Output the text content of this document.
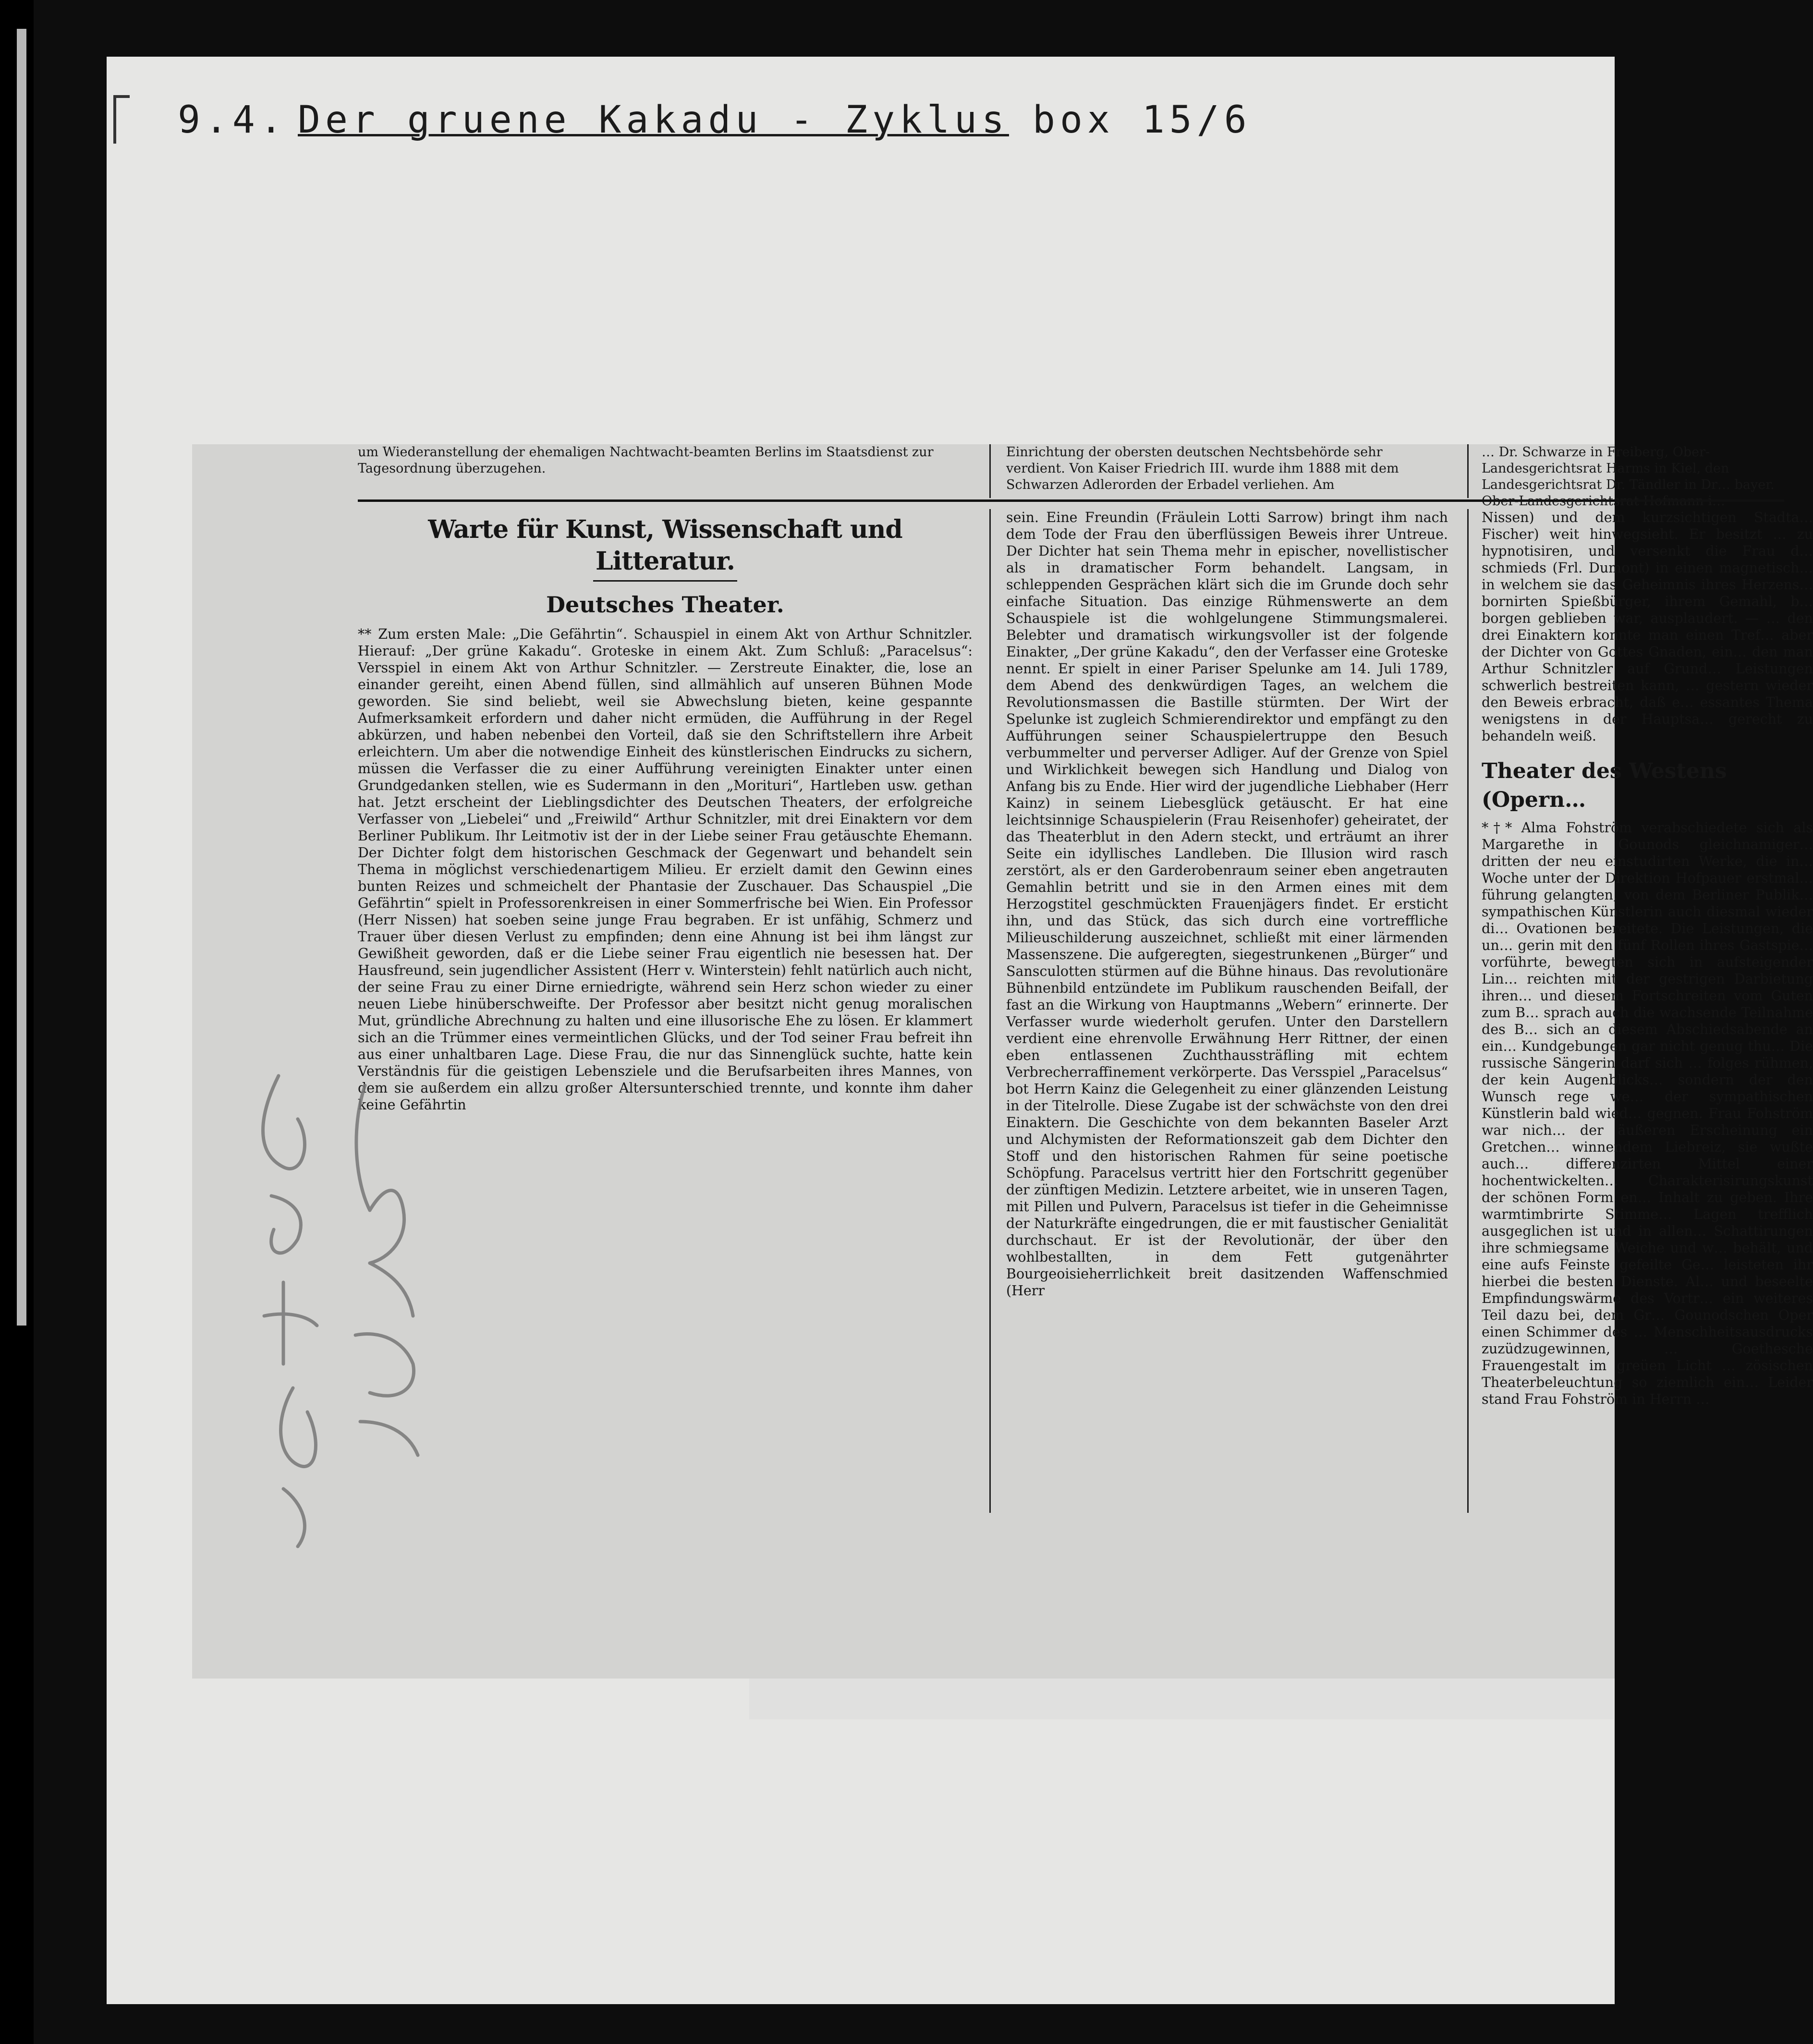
9.4. Der gruene Kakadu - Zyklus box 15/6
um Wiederanstellung der ehemaligen Nachtwacht-beamten Berlins im Staatsdienst zur Tagesordnung überzugehen.
Einrichtung der obersten deutschen Nechtsbehörde sehr verdient. Von Kaiser Friedrich III. wurde ihm 1888 mit dem Schwarzen Adlerorden der Erbadel verliehen. Am
… Dr. Schwarze in Freiberg, Ober-Landesgerichtsrat Harms in Kiel, den Landesgerichtsrat Dr. Tändler in Dr… bayer.
Warte für Kunst, Wissenschaft und Litteratur.
Deutsches Theater.

** Zum ersten Male: „Die Gefährtin“. Schauspiel in einem Akt von Arthur Schnitzler. Hierauf: „Der grüne Kakadu“. Groteske in einem Akt. Zum Schluß: „Paracelsus“: Versspiel in einem Akt von Arthur Schnitzler. — Zerstreute Einakter, die, lose an einander gereiht, einen Abend füllen, sind allmählich auf unseren Bühnen Mode geworden. Sie sind beliebt, weil sie Abwechslung bieten, keine gespannte Aufmerksamkeit erfordern und daher nicht ermüden, die Aufführung in der Regel abkürzen, und haben nebenbei den Vorteil, daß sie den Schriftstellern ihre Arbeit erleichtern. Um aber die notwendige Einheit des künstlerischen Eindrucks zu sichern, müssen die Verfasser die zu einer Aufführung vereinigten Einakter unter einen Grundgedanken stellen, wie es Sudermann in den „Morituri“, Hartleben usw. gethan hat. Jetzt erscheint der Lieblingsdichter des Deutschen Theaters, der erfolgreiche Verfasser von „Liebelei“ und „Freiwild“ Arthur Schnitzler, mit drei Einaktern vor dem Berliner Publikum. Ihr Leitmotiv ist der in der Liebe seiner Frau getäuschte Ehemann. Der Dichter folgt dem historischen Geschmack der Gegenwart und behandelt sein Thema in möglichst verschiedenartigem Milieu. Er erzielt damit den Gewinn eines bunten Reizes und schmeichelt der Phantasie der Zuschauer. Das Schauspiel „Die Gefährtin“ spielt in Professorenkreisen in einer Sommerfrische bei Wien. Ein Professor (Herr Nissen) hat soeben seine junge Frau begraben. Er ist unfähig, Schmerz und Trauer über diesen Verlust zu empfinden; denn eine Ahnung ist bei ihm längst zur Gewißheit geworden, daß er die Liebe seiner Frau eigentlich nie besessen hat. Der Hausfreund, sein jugendlicher Assistent (Herr v. Winterstein) fehlt natürlich auch nicht, der seine Frau zu einer Dirne erniedrigte, während sein Herz schon wieder zu einer neuen Liebe hinüberschweifte. Der Professor aber besitzt nicht genug moralischen Mut, gründliche Abrechnung zu halten und eine illusorische Ehe zu lösen. Er klammert sich an die Trümmer eines vermeintlichen Glücks, und der Tod seiner Frau befreit ihn aus einer unhaltbaren Lage. Diese Frau, die nur das Sinnenglück suchte, hatte kein Verständnis für die geistigen Lebensziele und die Berufsarbeiten ihres Mannes, von dem sie außerdem ein allzu großer Altersunterschied trennte, und konnte ihm daher keine Gefährtin

sein. Eine Freundin (Fräulein Lotti Sarrow) bringt ihm nach dem Tode der Frau den überflüssigen Beweis ihrer Untreue. Der Dichter hat sein Thema mehr in epischer, novellistischer als in dramatischer Form behandelt. Langsam, in schleppenden Gesprächen klärt sich die im Grunde doch sehr einfache Situation. Das einzige Rühmenswerte an dem Schauspiele ist die wohlgelungene Stimmungsmalerei. Belebter und dramatisch wirkungsvoller ist der folgende Einakter, „Der grüne Kakadu“, den der Verfasser eine Groteske nennt. Er spielt in einer Pariser Spelunke am 14. Juli 1789, dem Abend des denkwürdigen Tages, an welchem die Revolutionsmassen die Bastille stürmten. Der Wirt der Spelunke ist zugleich Schmierendirektor und empfängt zu den Aufführungen seiner Schauspielertruppe den Besuch verbummelter und perverser Adliger. Auf der Grenze von Spiel und Wirklichkeit bewegen sich Handlung und Dialog von Anfang bis zu Ende. Hier wird der jugendliche Liebhaber (Herr Kainz) in seinem Liebesglück getäuscht. Er hat eine leichtsinnige Schauspielerin (Frau Reisenhofer) geheiratet, der das Theaterblut in den Adern steckt, und erträumt an ihrer Seite ein idyllisches Landleben. Die Illusion wird rasch zerstört, als er den Garderobenraum seiner eben angetrauten Gemahlin betritt und sie in den Armen eines mit dem Herzogstitel geschmückten Frauenjägers findet. Er ersticht ihn, und das Stück, das sich durch eine vortreffliche Milieuschilderung auszeichnet, schließt mit einer lärmenden Massenszene. Die aufgeregten, siegestrunkenen „Bürger“ und Sansculotten stürmen auf die Bühne hinaus. Das revolutionäre Bühnenbild entzündete im Publikum rauschenden Beifall, der fast an die Wirkung von Hauptmanns „Webern“ erinnerte. Der Verfasser wurde wiederholt gerufen. Unter den Darstellern verdient eine ehrenvolle Erwähnung Herr Rittner, der einen eben entlassenen Zuchthaussträfling mit echtem Verbrecherraffinement verkörperte. Das Versspiel „Paracelsus“ bot Herrn Kainz die Gelegenheit zu einer glänzenden Leistung in der Titelrolle. Diese Zugabe ist der schwächste von den drei Einaktern. Die Geschichte von dem bekannten Baseler Arzt und Alchymisten der Reformationszeit gab dem Dichter den Stoff und den historischen Rahmen für seine poetische Schöpfung. Paracelsus vertritt hier den Fortschritt gegenüber der zünftigen Medizin. Letztere arbeitet, wie in unseren Tagen, mit Pillen und Pulvern, Paracelsus ist tiefer in die Geheimnisse der Naturkräfte eingedrungen, die er mit faustischer Genialität durchschaut. Er ist der Revolutionär, der über den wohlbestallten, in dem Fett gutgenährter Bourgeoisieherrlichkeit breit dasitzenden Waffenschmied (Herr

Nissen) und dem kurzsichtigen Stadta… Fischer) weit hinwegsieht. Er besitzt … zu hypnotisiren, und versenkt die Frau d… schmieds (Frl. Dumont) in einen magnetisch… in welchem sie das Geheimnis ihres Herzens… bornirten Spießbürger, ihrem Gemahl, b… borgen geblieben war, ausplaudert. — … den drei Einaktern konnte man einen Tref… aber der Dichter von Gottes Gnaden, ein… den man Arthur Schnitzler auf Grund… Leistungen schwerlich bestreiten kann, … gestern wieder den Beweis erbracht, daß e… essantes Thema wenigstens in der Hauptsa… gerecht zu behandeln weiß.

Theater des Westens (Opern…

*†* Alma Fohström verabschiedete sich als Margarethe in Gounods gleichnamiger… dritten der neu einstudirten Werke, die in… Woche unter der Direktion Hofpauer erstmal… führung gelangten, von dem Berliner Publik… sympathischen Künstlerin auch diesmal wieder di… Ovationen bereitete. Die Leistungen, die un… gerin mit den fünf Rollen ihres Gastspie… vorführte, bewegten sich in aufsteigender Lin… reichten mit der gestrigen Darbietung ihren… und diesem Fortschreiten vom Guten zum B… sprach auch die wachsende Teilnahme des B… sich an diesem Abschiedsabende an ein… Kundgebungen gar nicht genug thu… Die russische Sängerin darf sich … folges rühmen, der kein Augenblicks… sondern der den Wunsch rege we… der sympathischen Künstlerin bald wied… gegnen. Frau Fohström war nich… der äußeren Erscheinung ein Gretchen… winnendem Liebreiz, sie wußte auch… differenzirten Mittel einer hochentwickelten… Charakterisirungskunst der schönen Form en… Inhalt zu geben. Ihre warmtimbrirte Stimme… Lagen trefflich ausgeglichen ist und in allen… Schattirungen ihre schmiegsame Weiche und w… behält, und eine aufs Feinste gefeilte Ge… leisteten ihr hierbei die besten Dienste. Al… und beseelte Empfindungswärme des Vortr… ein weiteres Teil dazu bei, dem Gr… Gounodschen Oper einen Schimmer des … Menschheitsausdrucks zuzüdzugewinnen, … Goethesche Frauengestalt im greüen Licht … zösischen Theaterbeleuchtung so ziemlich ein… Leider stand Frau Fohström in Herrn …
